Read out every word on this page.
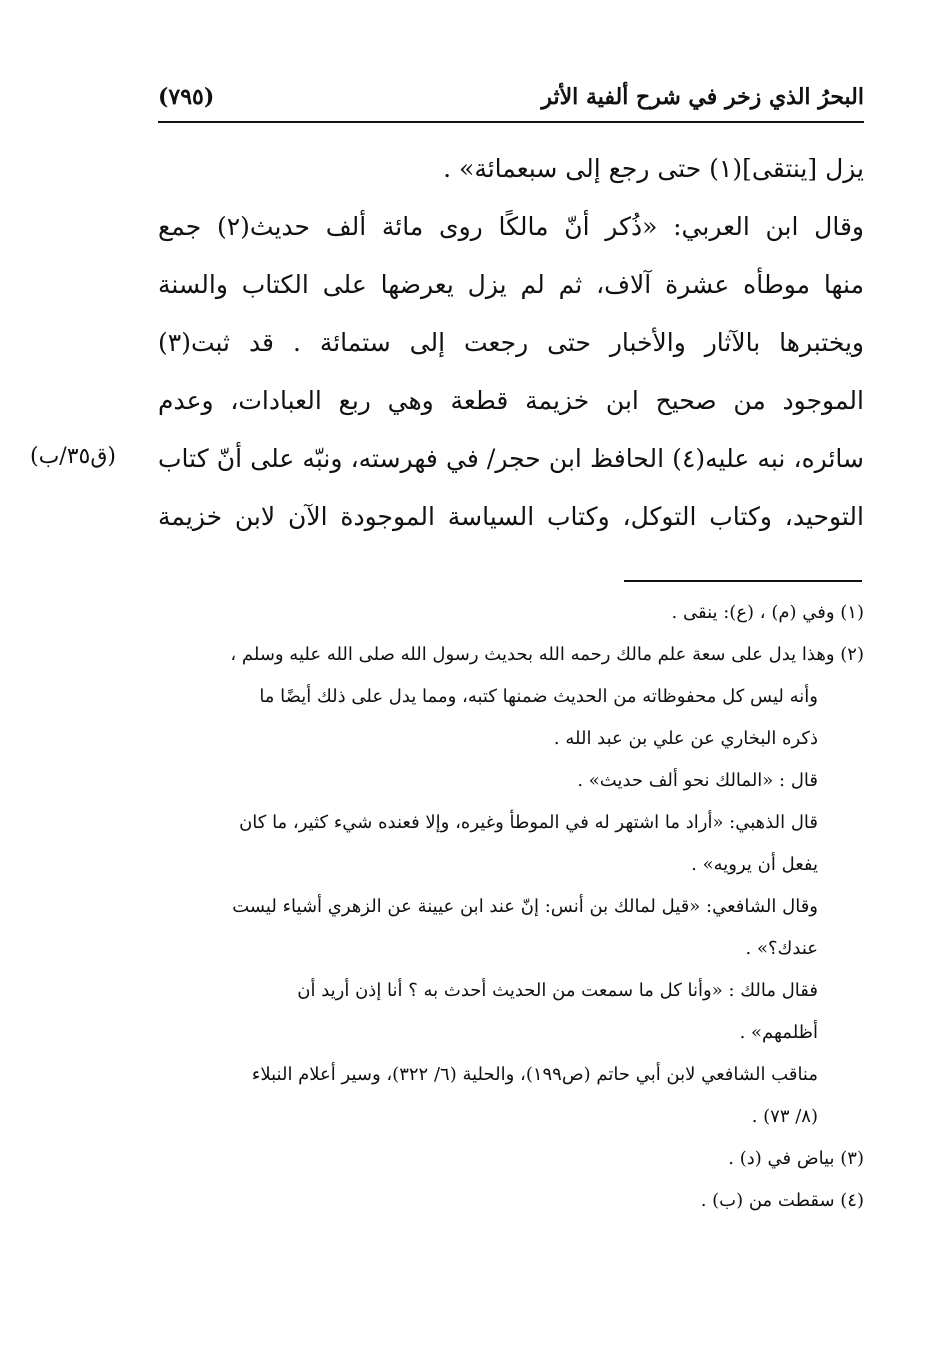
البحرُ الذي زخر في شرح ألفية الأثر
(٧٩٥)
يزل [ينتقى](١) حتى رجع إلى سبعمائة» .
وقال ابن العربي: «ذُكر أنّ مالكًا روى مائة ألف حديث(٢) جمع
منها موطأه عشرة آلاف، ثم لم يزل يعرضها على الكتاب والسنة
ويختبرها بالآثار والأخبار حتى رجعت إلى ستمائة . قد ثبت(٣)
الموجود من صحيح ابن خزيمة قطعة وهي ربع العبادات، وعدم
سائره، نبه عليه(٤) الحافظ ابن حجر/ في فهرسته، ونبّه على أنّ كتاب
التوحيد، وكتاب التوكل، وكتاب السياسة الموجودة الآن لابن خزيمة
(ق٣٥/ب)
(١) وفي (م) ، (ع): ينقى .
(٢) وهذا يدل على سعة علم مالك رحمه الله بحديث رسول الله صلى الله عليه وسلم ،
وأنه ليس كل محفوظاته من الحديث ضمنها كتبه، ومما يدل على ذلك أيضًا ما
ذكره البخاري عن علي بن عبد الله .
قال : «المالك نحو ألف حديث» .
قال الذهبي: «أراد ما اشتهر له في الموطأ وغيره، وإلا فعنده شيء كثير، ما كان
يفعل أن يرويه» .
وقال الشافعي: «قيل لمالك بن أنس: إنّ عند ابن عيينة عن الزهري أشياء ليست
عندك؟» .
فقال مالك : «وأنا كل ما سمعت من الحديث أحدث به ؟ أنا إذن أريد أن
أظلمهم» .
مناقب الشافعي لابن أبي حاتم (ص١٩٩)، والحلية (٦/ ٣٢٢)، وسير أعلام النبلاء
(٨/ ٧٣) .
(٣) بياض في (د) .
(٤) سقطت من (ب) .
